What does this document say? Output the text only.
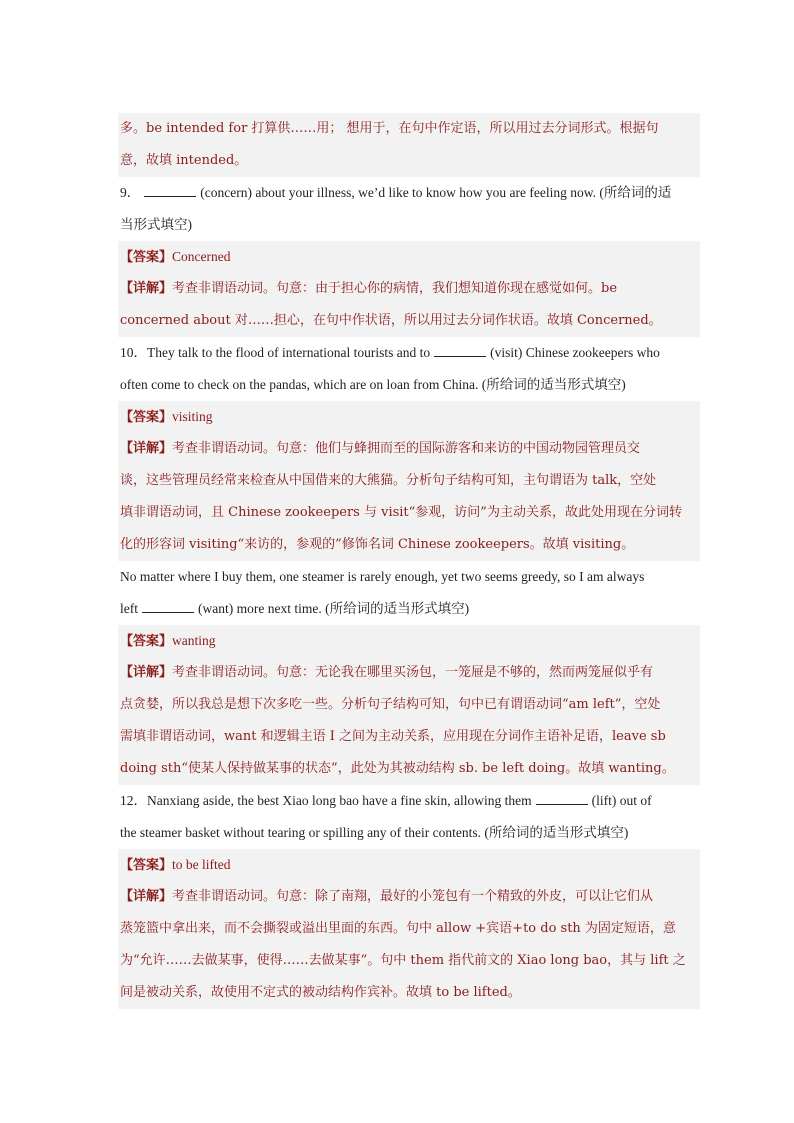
多。be intended for 打算供……用； 想用于，在句中作定语，所以用过去分词形式。根据句
意，故填 intended。
9．	(concern) about your illness, we’d like to know how you are feeling now. (所给词的适
当形式填空)
【答案】Concerned
【详解】考查非谓语动词。句意：由于担心你的病情，我们想知道你现在感觉如何。be
concerned about 对……担心，在句中作状语，所以用过去分词作状语。故填 Concerned。
10．They talk to the flood of international tourists and to	(visit) Chinese zookeepers who
often come to check on the pandas, which are on loan from China. (所给词的适当形式填空)
【答案】visiting
【详解】考查非谓语动词。句意：他们与蜂拥而至的国际游客和来访的中国动物园管理员交
谈，这些管理员经常来检查从中国借来的大熊猫。分析句子结构可知，主句谓语为 talk，空处
填非谓语动词，且 Chinese zookeepers 与 visit“参观，访问”为主动关系，故此处用现在分词转
化的形容词 visiting“来访的，参观的”修饰名词 Chinese zookeepers。故填 visiting。
No matter where I buy them, one steamer is rarely enough, yet two seems greedy, so I am always
left	(want) more next time. (所给词的适当形式填空)
【答案】wanting
【详解】考查非谓语动词。句意：无论我在哪里买汤包，一笼屉是不够的，然而两笼屉似乎有
点贪婪，所以我总是想下次多吃一些。分析句子结构可知，句中已有谓语动词“am left”，空处
需填非谓语动词，want 和逻辑主语 I 之间为主动关系，应用现在分词作主语补足语，leave sb
doing sth“使某人保持做某事的状态”，此处为其被动结构 sb. be left doing。故填 wanting。
12．Nanxiang aside, the best Xiao long bao have a fine skin, allowing them	(lift) out of
the steamer basket without tearing or spilling any of their contents. (所给词的适当形式填空)
【答案】to be lifted
【详解】考查非谓语动词。句意：除了南翔，最好的小笼包有一个精致的外皮，可以让它们从
蒸笼篮中拿出来，而不会撕裂或溢出里面的东西。句中 allow +宾语+to do sth 为固定短语，意
为“允许……去做某事，使得……去做某事”。句中 them 指代前文的 Xiao long bao，其与 lift 之
间是被动关系，故使用不定式的被动结构作宾补。故填 to be lifted。
